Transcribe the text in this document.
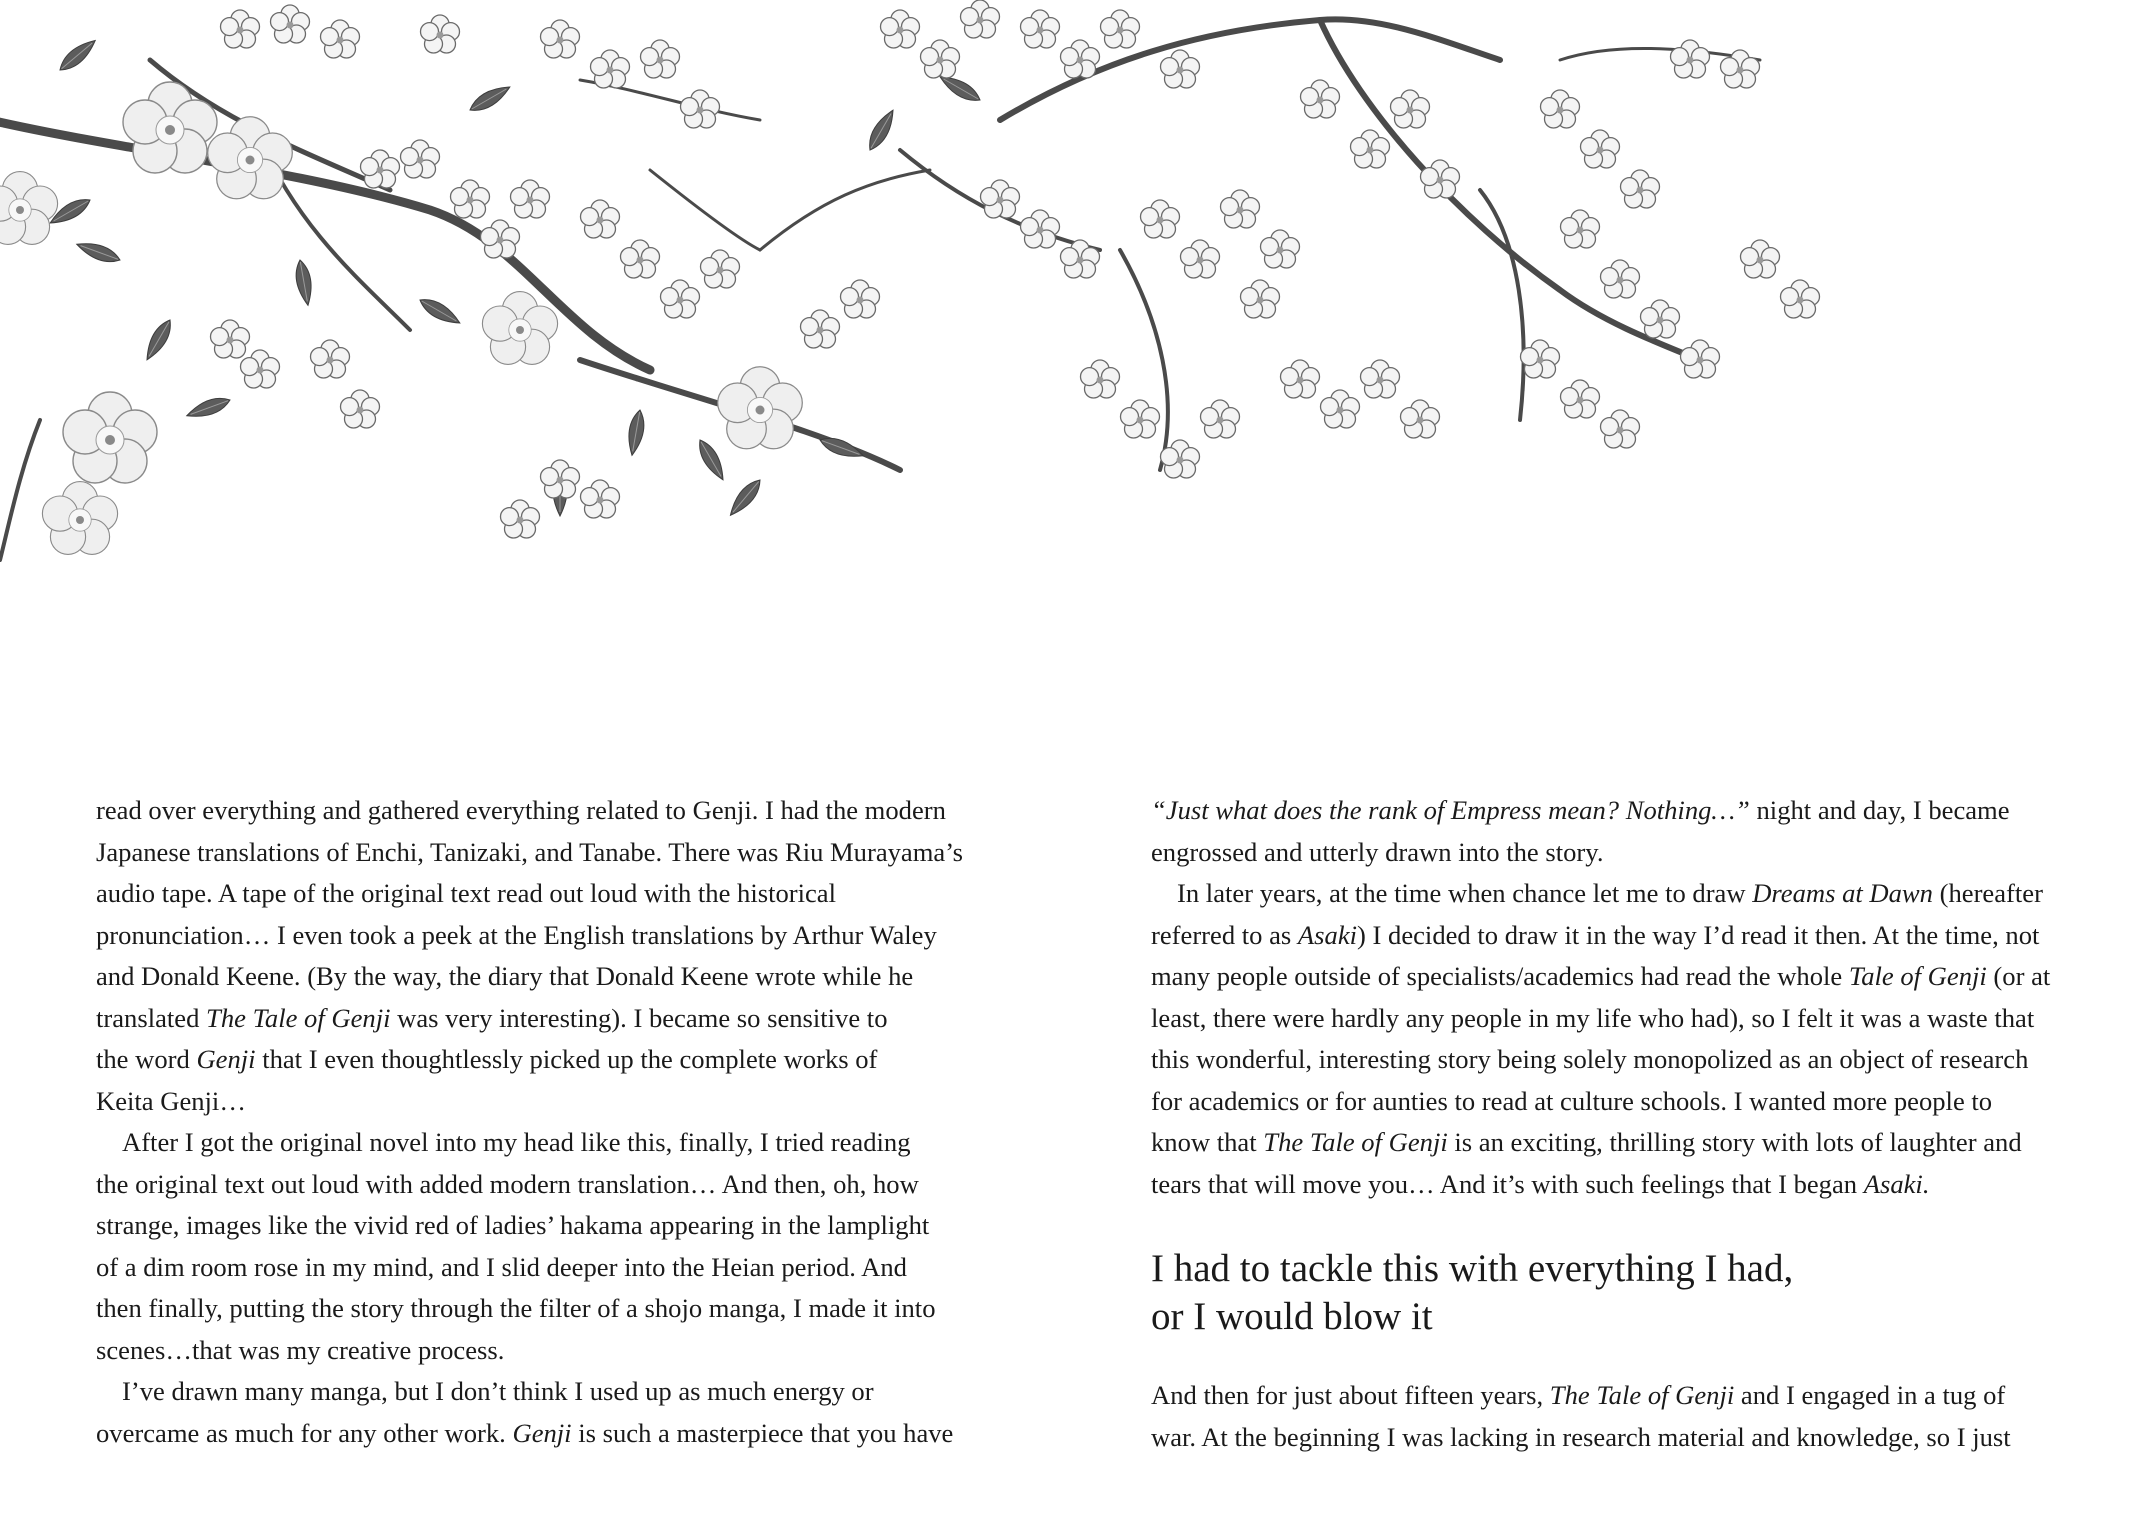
read over everything and gathered everything related to Genji. I had the modern
Japanese translations of Enchi, Tanizaki, and Tanabe. There was Riu Murayama’s
audio tape. A tape of the original text read out loud with the historical
pronunciation… I even took a peek at the English translations by Arthur Waley
and Donald Keene. (By the way, the diary that Donald Keene wrote while he
translated The Tale of Genji was very interesting). I became so sensitive to
the word Genji that I even thoughtlessly picked up the complete works of
Keita Genji…
After I got the original novel into my head like this, finally, I tried reading
the original text out loud with added modern translation… And then, oh, how
strange, images like the vivid red of ladies’ hakama appearing in the lamplight
of a dim room rose in my mind, and I slid deeper into the Heian period. And
then finally, putting the story through the filter of a shojo manga, I made it into
scenes…that was my creative process.
I’ve drawn many manga, but I don’t think I used up as much energy or
overcame as much for any other work. Genji is such a masterpiece that you have
“Just what does the rank of Empress mean? Nothing…” night and day, I became
engrossed and utterly drawn into the story.
In later years, at the time when chance let me to draw Dreams at Dawn (hereafter
referred to as Asaki) I decided to draw it in the way I’d read it then. At the time, not
many people outside of specialists/academics had read the whole Tale of Genji (or at
least, there were hardly any people in my life who had), so I felt it was a waste that
this wonderful, interesting story being solely monopolized as an object of research
for academics or for aunties to read at culture schools. I wanted more people to
know that The Tale of Genji is an exciting, thrilling story with lots of laughter and
tears that will move you… And it’s with such feelings that I began Asaki.
I had to tackle this with everything I had,
or I would blow it
And then for just about fifteen years, The Tale of Genji and I engaged in a tug of
war. At the beginning I was lacking in research material and knowledge, so I just
